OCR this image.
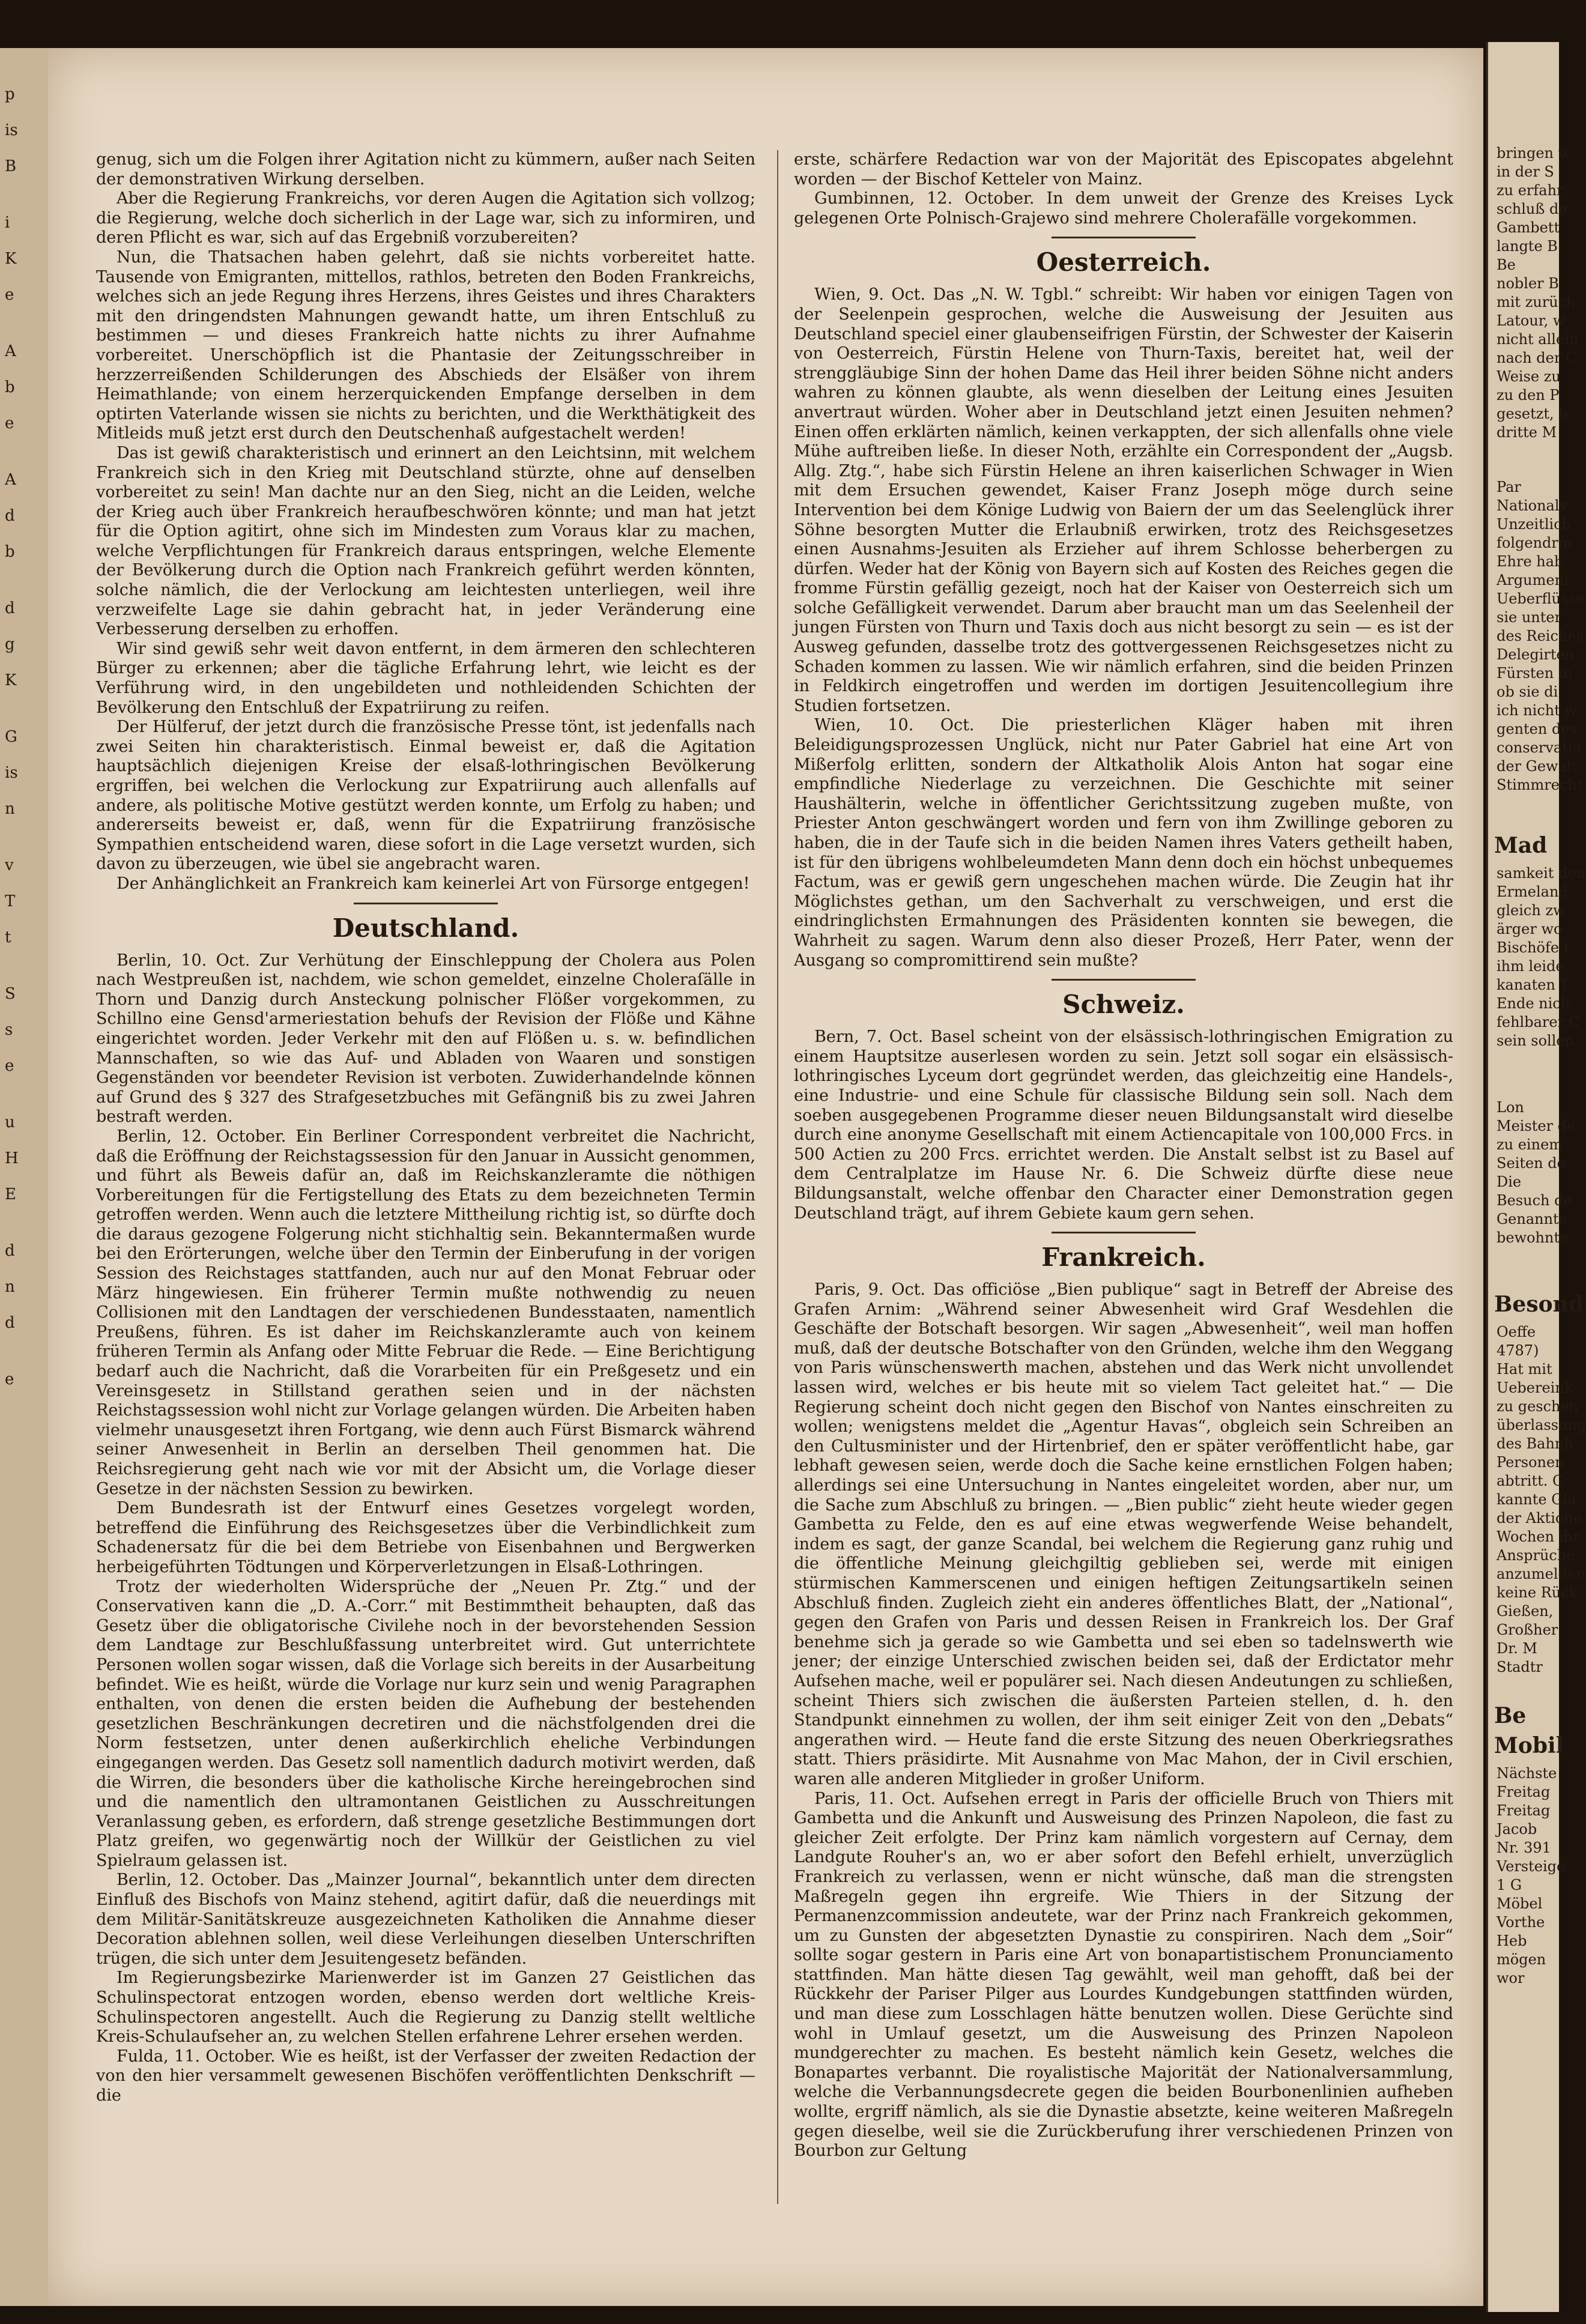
p
is
B
i
K
e
A
b
e
A
d
b
d
g
K
G
is
n
v
T
t
S
s
e
u
H
E
d
n
d
e

genug, sich um die Folgen ihrer Agitation nicht zu kümmern, außer nach Seiten der demonstrativen Wirkung derselben.

Aber die Regierung Frankreichs, vor deren Augen die Agitation sich vollzog; die Regierung, welche doch sicherlich in der Lage war, sich zu informiren, und deren Pflicht es war, sich auf das Ergebniß vorzubereiten?

Nun, die Thatsachen haben gelehrt, daß sie nichts vorbereitet hatte. Tausende von Emigranten, mittellos, rathlos, betreten den Boden Frankreichs, welches sich an jede Regung ihres Herzens, ihres Geistes und ihres Charakters mit den dringendsten Mahnungen gewandt hatte, um ihren Entschluß zu bestimmen — und dieses Frankreich hatte nichts zu ihrer Aufnahme vorbereitet. Unerschöpflich ist die Phantasie der Zeitungsschreiber in herzzerreißenden Schilderungen des Abschieds der Elsäßer von ihrem Heimathlande; von einem herzerquickenden Empfange derselben in dem optirten Vaterlande wissen sie nichts zu berichten, und die Werkthätigkeit des Mitleids muß jetzt erst durch den Deutschenhaß aufgestachelt werden!

Das ist gewiß charakteristisch und erinnert an den Leichtsinn, mit welchem Frankreich sich in den Krieg mit Deutschland stürzte, ohne auf denselben vorbereitet zu sein! Man dachte nur an den Sieg, nicht an die Leiden, welche der Krieg auch über Frankreich heraufbeschwören könnte; und man hat jetzt für die Option agitirt, ohne sich im Mindesten zum Voraus klar zu machen, welche Verpflichtungen für Frankreich daraus entspringen, welche Elemente der Bevölkerung durch die Option nach Frankreich geführt werden könnten, solche nämlich, die der Verlockung am leichtesten unterliegen, weil ihre verzweifelte Lage sie dahin gebracht hat, in jeder Veränderung eine Verbesserung derselben zu erhoffen.

Wir sind gewiß sehr weit davon entfernt, in dem ärmeren den schlechteren Bürger zu erkennen; aber die tägliche Erfahrung lehrt, wie leicht es der Verführung wird, in den ungebildeten und nothleidenden Schichten der Bevölkerung den Entschluß der Expatriirung zu reifen.

Der Hülferuf, der jetzt durch die französische Presse tönt, ist jedenfalls nach zwei Seiten hin charakteristisch. Einmal beweist er, daß die Agitation hauptsächlich diejenigen Kreise der elsaß-lothringischen Bevölkerung ergriffen, bei welchen die Verlockung zur Expatriirung auch allenfalls auf andere, als politische Motive gestützt werden konnte, um Erfolg zu haben; und andererseits beweist er, daß, wenn für die Expatriirung französische Sympathien entscheidend waren, diese sofort in die Lage versetzt wurden, sich davon zu überzeugen, wie übel sie angebracht waren.

Der Anhänglichkeit an Frankreich kam keinerlei Art von Fürsorge entgegen!

Deutschland.

Berlin, 10. Oct. Zur Verhütung der Einschleppung der Cholera aus Polen nach Westpreußen ist, nachdem, wie schon gemeldet, einzelne Choleraſälle in Thorn und Danzig durch Ansteckung polnischer Flößer vorgekommen, zu Schillno eine Gensd'armeriestation behufs der Revision der Flöße und Kähne eingerichtet worden. Jeder Verkehr mit den auf Flößen u. s. w. befindlichen Mannschaften, so wie das Auf- und Abladen von Waaren und sonstigen Gegenständen vor beendeter Revision ist verboten. Zuwiderhandelnde können auf Grund des § 327 des Strafgesetzbuches mit Gefängniß bis zu zwei Jahren bestraft werden.

Berlin, 12. October. Ein Berliner Correspondent verbreitet die Nachricht, daß die Eröffnung der Reichstagssession für den Januar in Aussicht genommen, und führt als Beweis dafür an, daß im Reichskanzleramte die nöthigen Vorbereitungen für die Fertigstellung des Etats zu dem bezeichneten Termin getroffen werden. Wenn auch die letztere Mittheilung richtig ist, so dürfte doch die daraus gezogene Folgerung nicht stichhaltig sein. Bekanntermaßen wurde bei den Erörterungen, welche über den Termin der Einberufung in der vorigen Session des Reichstages stattfanden, auch nur auf den Monat Februar oder März hingewiesen. Ein früherer Termin mußte nothwendig zu neuen Collisionen mit den Landtagen der verschiedenen Bundesstaaten, namentlich Preußens, führen. Es ist daher im Reichskanzleramte auch von keinem früheren Termin als Anfang oder Mitte Februar die Rede. — Eine Berichtigung bedarf auch die Nachricht, daß die Vorarbeiten für ein Preßgesetz und ein Vereinsgesetz in Stillstand gerathen seien und in der nächsten Reichstagssession wohl nicht zur Vorlage gelangen würden. Die Arbeiten haben vielmehr unausgesetzt ihren Fortgang, wie denn auch Fürst Bismarck während seiner Anwesenheit in Berlin an derselben Theil genommen hat. Die Reichsregierung geht nach wie vor mit der Absicht um, die Vorlage dieser Gesetze in der nächsten Session zu bewirken.

Dem Bundesrath ist der Entwurf eines Gesetzes vorgelegt worden, betreffend die Einführung des Reichsgesetzes über die Verbindlichkeit zum Schadenersatz für die bei dem Betriebe von Eisenbahnen und Bergwerken herbeigeführten Tödtungen und Körperverletzungen in Elsaß-Lothringen.

Trotz der wiederholten Widersprüche der „Neuen Pr. Ztg.“ und der Conservativen kann die „D. A.-Corr.“ mit Bestimmtheit behaupten, daß das Gesetz über die obligatorische Civilehe noch in der bevorstehenden Session dem Landtage zur Beschlußfassung unterbreitet wird. Gut unterrichtete Personen wollen sogar wissen, daß die Vorlage sich bereits in der Ausarbeitung befindet. Wie es heißt, würde die Vorlage nur kurz sein und wenig Paragraphen enthalten, von denen die ersten beiden die Aufhebung der bestehenden gesetzlichen Beschränkungen decretiren und die nächstfolgenden drei die Norm festsetzen, unter denen außerkirchlich eheliche Verbindungen eingegangen werden. Das Gesetz soll namentlich dadurch motivirt werden, daß die Wirren, die besonders über die katholische Kirche hereingebrochen sind und die namentlich den ultramontanen Geistlichen zu Ausschreitungen Veranlassung geben, es erfordern, daß strenge gesetzliche Bestimmungen dort Platz greifen, wo gegenwärtig noch der Willkür der Geistlichen zu viel Spielraum gelassen ist.

Berlin, 12. October. Das „Mainzer Journal“, bekanntlich unter dem directen Einfluß des Bischofs von Mainz stehend, agitirt dafür, daß die neuerdings mit dem Militär-Sanitätskreuze ausgezeichneten Katholiken die Annahme dieser Decoration ablehnen sollen, weil diese Verleihungen dieselben Unterschriften trügen, die sich unter dem Jesuitengesetz befänden.

Im Regierungsbezirke Marienwerder ist im Ganzen 27 Geistlichen das Schulinspectorat entzogen worden, ebenso werden dort weltliche Kreis-Schulinspectoren angestellt. Auch die Regierung zu Danzig stellt weltliche Kreis-Schulaufseher an, zu welchen Stellen erfahrene Lehrer ersehen werden.

Fulda, 11. October. Wie es heißt, ist der Verfasser der zweiten Redaction der von den hier versammelt gewesenen Bischöfen veröffentlichten Denkschrift — die

erste, schärfere Redaction war von der Majorität des Episcopates abgelehnt worden — der Bischof Ketteler von Mainz.

Gumbinnen, 12. October. In dem unweit der Grenze des Kreises Lyck gelegenen Orte Polnisch-Grajewo sind mehrere Cholerafälle vorgekommen.

Oesterreich.

Wien, 9. Oct. Das „N. W. Tgbl.“ schreibt: Wir haben vor einigen Tagen von der Seelenpein gesprochen, welche die Ausweisung der Jesuiten aus Deutschland speciel einer glaubenseifrigen Fürstin, der Schwester der Kaiserin von Oesterreich, Fürstin Helene von Thurn-Taxis, bereitet hat, weil der strenggläubige Sinn der hohen Dame das Heil ihrer beiden Söhne nicht anders wahren zu können glaubte, als wenn dieselben der Leitung eines Jesuiten anvertraut würden. Woher aber in Deutschland jetzt einen Jesuiten nehmen? Einen offen erklärten nämlich, keinen verkappten, der sich allenfalls ohne viele Mühe auftreiben ließe. In dieser Noth, erzählte ein Correspondent der „Augsb. Allg. Ztg.“, habe sich Fürstin Helene an ihren kaiserlichen Schwager in Wien mit dem Ersuchen gewendet, Kaiser Franz Joseph möge durch seine Intervention bei dem Könige Ludwig von Baiern der um das Seelenglück ihrer Söhne besorgten Mutter die Erlaubniß erwirken, trotz des Reichsgesetzes einen Ausnahms-Jesuiten als Erzieher auf ihrem Schlosse beherbergen zu dürfen. Weder hat der König von Bayern sich auf Kosten des Reiches gegen die fromme Fürstin gefällig gezeigt, noch hat der Kaiser von Oesterreich sich um solche Gefälligkeit verwendet. Darum aber braucht man um das Seelenheil der jungen Fürsten von Thurn und Taxis doch aus nicht besorgt zu sein — es ist der Ausweg gefunden, dasselbe trotz des gottvergessenen Reichsgesetzes nicht zu Schaden kommen zu lassen. Wie wir nämlich erfahren, sind die beiden Prinzen in Feldkirch eingetroffen und werden im dortigen Jesuitencollegium ihre Studien fortsetzen.

Wien, 10. Oct. Die priesterlichen Kläger haben mit ihren Beleidigungsprozessen Unglück, nicht nur Pater Gabriel hat eine Art von Mißerfolg erlitten, sondern der Altkatholik Alois Anton hat sogar eine empfindliche Niederlage zu verzeichnen. Die Geschichte mit seiner Haushälterin, welche in öffentlicher Gerichtssitzung zugeben mußte, von Priester Anton geschwängert worden und fern von ihm Zwillinge geboren zu haben, die in der Taufe sich in die beiden Namen ihres Vaters getheilt haben, ist für den übrigens wohlbeleumdeten Mann denn doch ein höchst unbequemes Factum, was er gewiß gern ungeschehen machen würde. Die Zeugin hat ihr Möglichstes gethan, um den Sachverhalt zu verschweigen, und erst die eindringlichsten Ermahnungen des Präsidenten konnten sie bewegen, die Wahrheit zu sagen. Warum denn also dieser Prozeß, Herr Pater, wenn der Ausgang so compromittirend sein mußte?

Schweiz.

Bern, 7. Oct. Basel scheint von der elsässisch-lothringischen Emigration zu einem Hauptsitze auserlesen worden zu sein. Jetzt soll sogar ein elsässisch-lothringisches Lyceum dort gegründet werden, das gleichzeitig eine Handels-, eine Industrie- und eine Schule für classische Bildung sein soll. Nach dem soeben ausgegebenen Programme dieser neuen Bildungsanstalt wird dieselbe durch eine anonyme Gesellschaft mit einem Actiencapitale von 100,000 Frcs. in 500 Actien zu 200 Frcs. errichtet werden. Die Anstalt selbst ist zu Basel auf dem Centralplatze im Hause Nr. 6. Die Schweiz dürfte diese neue Bildungsanstalt, welche offenbar den Character einer Demonstration gegen Deutschland trägt, auf ihrem Gebiete kaum gern sehen.

Frankreich.

Paris, 9. Oct. Das officiöse „Bien publique“ sagt in Betreff der Abreise des Grafen Arnim: „Während seiner Abwesenheit wird Graf Wesdehlen die Geschäfte der Botschaft besorgen. Wir sagen „Abwesenheit“, weil man hoffen muß, daß der deutsche Botschafter von den Gründen, welche ihm den Weggang von Paris wünschenswerth machen, abstehen und das Werk nicht unvollendet lassen wird, welches er bis heute mit so vielem Tact geleitet hat.“ — Die Regierung scheint doch nicht gegen den Bischof von Nantes einschreiten zu wollen; wenigstens meldet die „Agentur Havas“, obgleich sein Schreiben an den Cultusminister und der Hirtenbrief, den er später veröffentlicht habe, gar lebhaft gewesen seien, werde doch die Sache keine ernstlichen Folgen haben; allerdings sei eine Untersuchung in Nantes eingeleitet worden, aber nur, um die Sache zum Abschluß zu bringen. — „Bien public“ zieht heute wieder gegen Gambetta zu Felde, den es auf eine etwas wegwerfende Weise behandelt, indem es sagt, der ganze Scandal, bei welchem die Regierung ganz ruhig und die öffentliche Meinung gleichgiltig geblieben sei, werde mit einigen stürmischen Kammerscenen und einigen heftigen Zeitungsartikeln seinen Abschluß finden. Zugleich zieht ein anderes öffentliches Blatt, der „National“, gegen den Grafen von Paris und dessen Reisen in Frankreich los. Der Graf benehme sich ja gerade so wie Gambetta und sei eben so tadelnswerth wie jener; der einzige Unterschied zwischen beiden sei, daß der Erdictator mehr Aufsehen mache, weil er populärer sei. Nach diesen Andeutungen zu schließen, scheint Thiers sich zwischen die äußersten Parteien stellen, d. h. den Standpunkt einnehmen zu wollen, der ihm seit einiger Zeit von den „Debats“ angerathen wird. — Heute fand die erste Sitzung des neuen Oberkriegsrathes statt. Thiers präsidirte. Mit Ausnahme von Mac Mahon, der in Civil erschien, waren alle anderen Mitglieder in großer Uniform.

Paris, 11. Oct. Aufsehen erregt in Paris der officielle Bruch von Thiers mit Gambetta und die Ankunft und Ausweisung des Prinzen Napoleon, die fast zu gleicher Zeit erfolgte. Der Prinz kam nämlich vorgestern auf Cernay, dem Landgute Rouher's an, wo er aber sofort den Befehl erhielt, unverzüglich Frankreich zu verlassen, wenn er nicht wünsche, daß man die strengsten Maßregeln gegen ihn ergreife. Wie Thiers in der Sitzung der Permanenzcommission andeutete, war der Prinz nach Frankreich gekommen, um zu Gunsten der abgesetzten Dynastie zu conspiriren. Nach dem „Soir“ sollte sogar gestern in Paris eine Art von bonapartistischem Pronunciamento stattfinden. Man hätte diesen Tag gewählt, weil man gehofft, daß bei der Rückkehr der Pariser Pilger aus Lourdes Kundgebungen stattfinden würden, und man diese zum Losschlagen hätte benutzen wollen. Diese Gerüchte sind wohl in Umlauf gesetzt, um die Ausweisung des Prinzen Napoleon mundgerechter zu machen. Es besteht nämlich kein Gesetz, welches die Bonapartes verbannt. Die royalistische Majorität der Nationalversammlung, welche die Verbannungsdecrete gegen die beiden Bourbonenlinien aufheben wollte, ergriff nämlich, als sie die Dynastie absetzte, keine weiteren Maßregeln gegen dieselbe, weil sie die Zurückberufung ihrer verschiedenen Prinzen von Bourbon zur Geltung

bringen w
in der S
zu erfahr
schluß de
Gambett
langte B
Be
nobler B
mit zurück
Latour, w
nicht allein
nach der C
Weise zu
zu den P
gesetzt, b
dritte M
Par
Nationalv
Unzeitlich
folgendrm
Ehre hab
Argument
Ueberflüsse
sie unter
des Reiches
Delegirten
Fürsten in
ob sie di
ich nicht w
genten des
conservatio
der Gewalt
Stimmrecht
Mad
samkeit den
Ermeland
gleich zw
ärger wo
Bischöfe t
ihm leide
kanaten T
Ende nich
fehlbarer C
sein sollen.
Lon
Meister de
zu einem
Seiten de
Die
Besuch de
Genannte
bewohnte
Besond
Oeffe
4787)
Hat mit
Uebereink
zu geschen
überlassung
des Bahnh
Personen
abtritt. G
kannte Glä
der Aktione
Wochen ihr
Ansprüche
anzumelden
keine Rück
Gießen,
Großher
Dr. M
Stadtr
Be
Mobil
Nächste
Freitag
Freitag
Jacob
Nr. 391
Versteige
1 G
Möbel
Vorthe
Heb
mögen
wor
